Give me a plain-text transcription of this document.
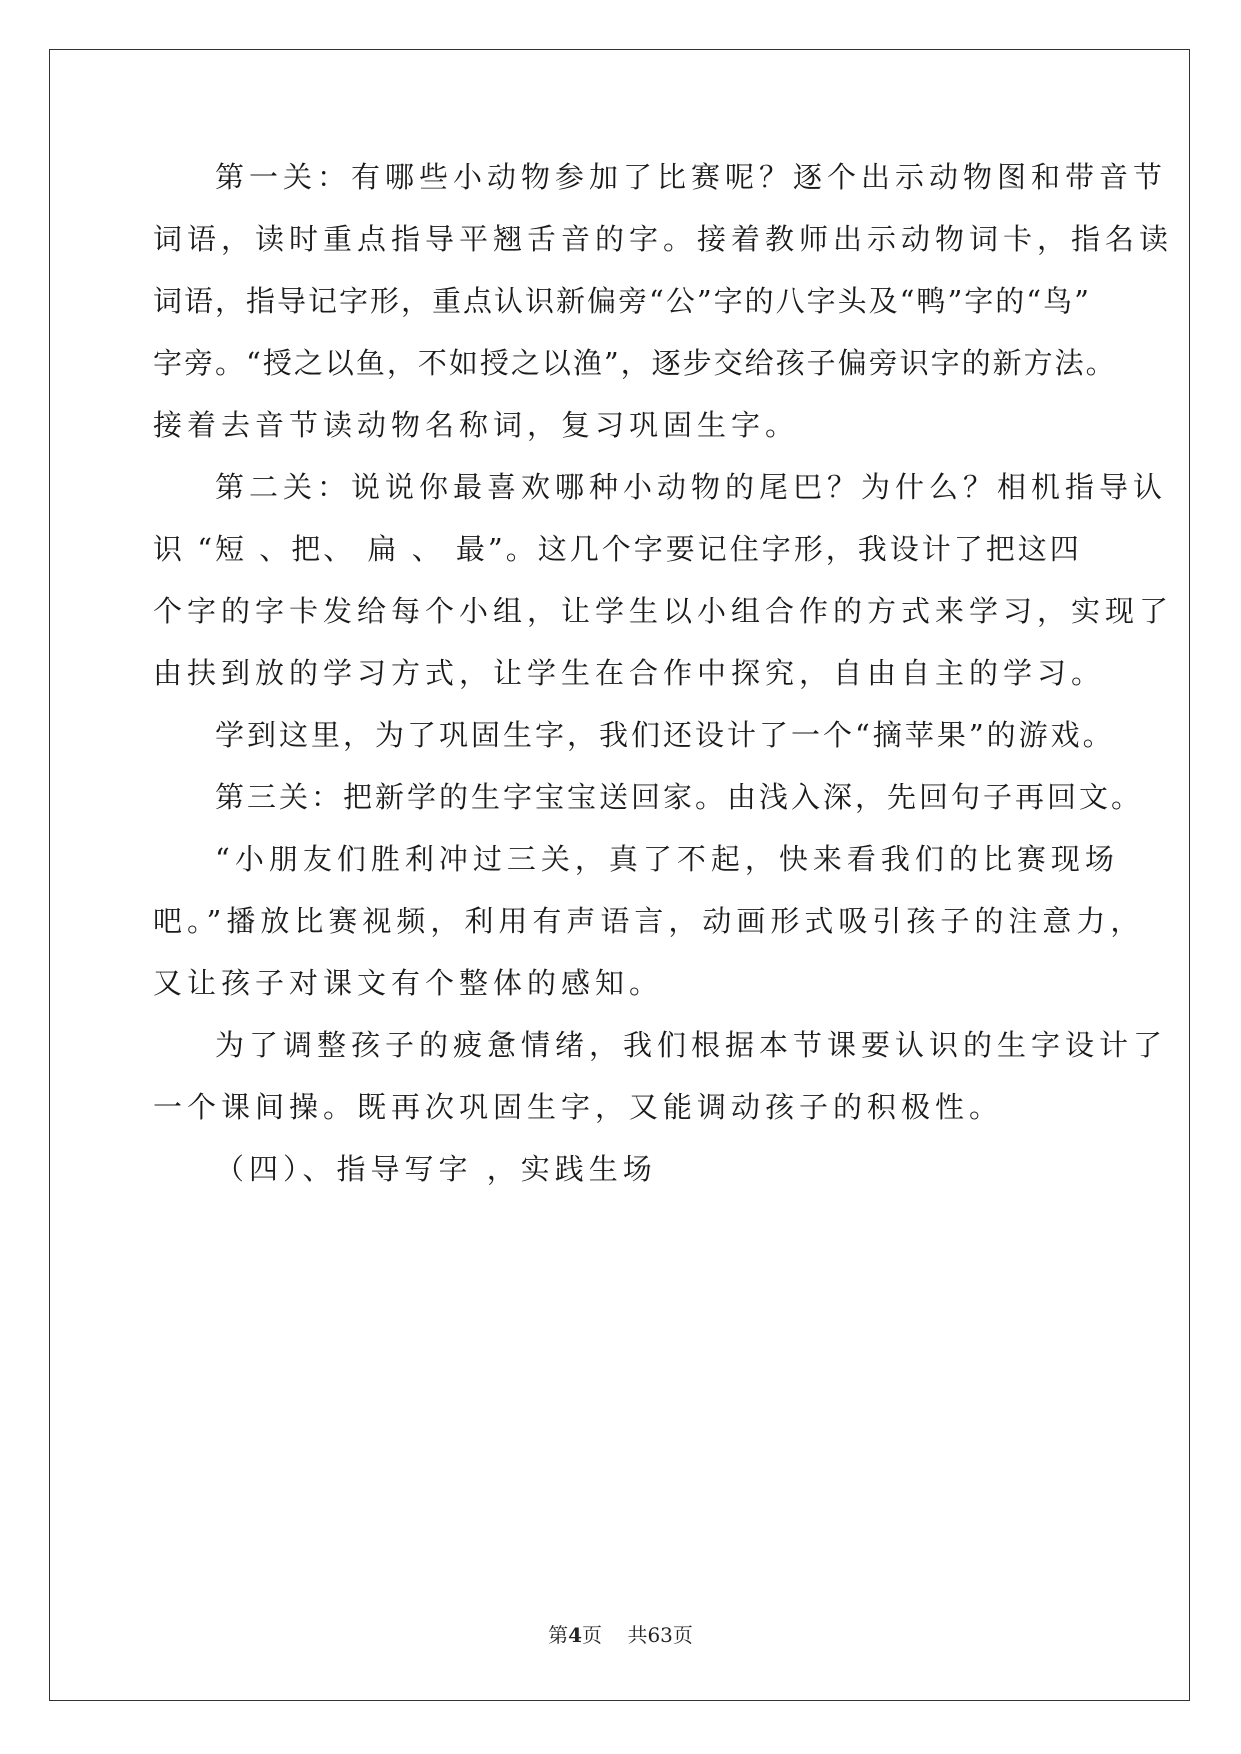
第一关：有哪些小动物参加了比赛呢？逐个出示动物图和带音节
词语，读时重点指导平翘舌音的字。接着教师出示动物词卡，指名读
词语，指导记字形，重点认识新偏旁“公”字的八字头及“鸭”字的“鸟”
字旁。“授之以鱼，不如授之以渔”，逐步交给孩子偏旁识字的新方法。
接着去音节读动物名称词，复习巩固生字。
第二关：说说你最喜欢哪种小动物的尾巴？为什么？相机指导认
识 “短 、把、 扁 、 最”。这几个字要记住字形，我设计了把这四
个字的字卡发给每个小组，让学生以小组合作的方式来学习，实现了
由扶到放的学习方式，让学生在合作中探究，自由自主的学习。
学到这里，为了巩固生字，我们还设计了一个“摘苹果”的游戏。
第三关：把新学的生字宝宝送回家。由浅入深，先回句子再回文。
“小朋友们胜利冲过三关，真了不起，快来看我们的比赛现场
吧。”播放比赛视频，利用有声语言，动画形式吸引孩子的注意力，
又让孩子对课文有个整体的感知。
为了调整孩子的疲惫情绪，我们根据本节课要认识的生字设计了
一个课间操。既再次巩固生字，又能调动孩子的积极性。
（四）、指导写字 ，实践生场
第4页 共63页
